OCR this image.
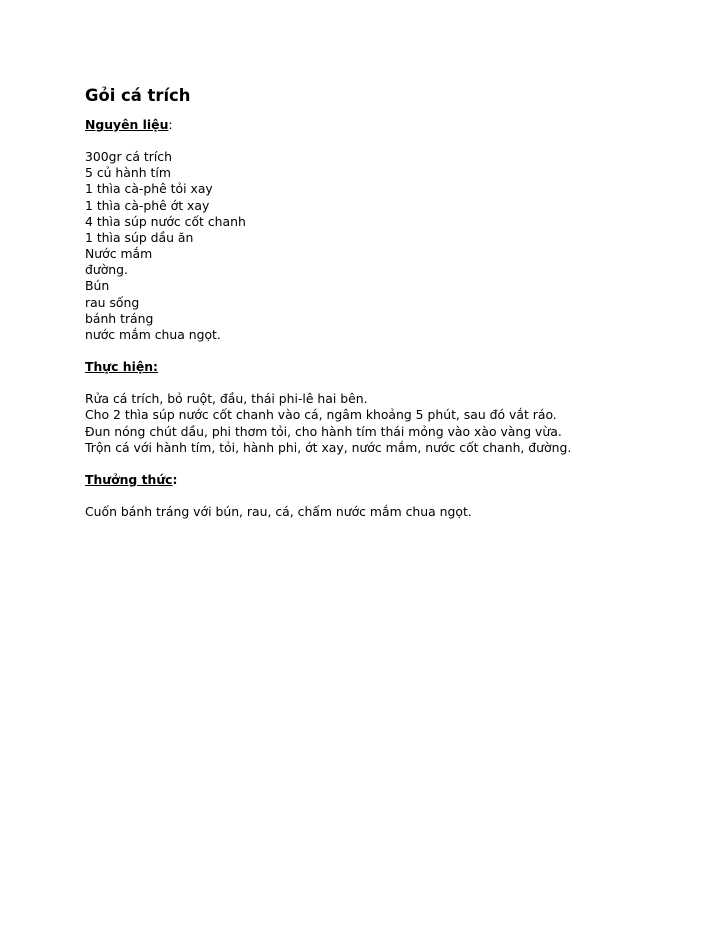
Gỏi cá trích
Nguyên liệu:
300gr cá trích
5 củ hành tím
1 thìa cà-phê tỏi xay
1 thìa cà-phê ớt xay
4 thìa súp nước cốt chanh
1 thìa súp dầu ăn
Nước mắm
đường.
Bún
rau sống
bánh tráng
nước mắm chua ngọt.
Thực hiện:

Rửa cá trích, bỏ ruột, đầu, thái phi-lê hai bên.

Cho 2 thìa súp nước cốt chanh vào cá, ngâm khoảng 5 phút, sau đó vắt ráo.

Đun nóng chút dầu, phi thơm tỏi, cho hành tím thái mỏng vào xào vàng vừa.

Trộn cá với hành tím, tỏi, hành phi, ớt xay, nước mắm, nước cốt chanh, đường.

Thưởng thức:

Cuốn bánh tráng với bún, rau, cá, chấm nước mắm chua ngọt.
